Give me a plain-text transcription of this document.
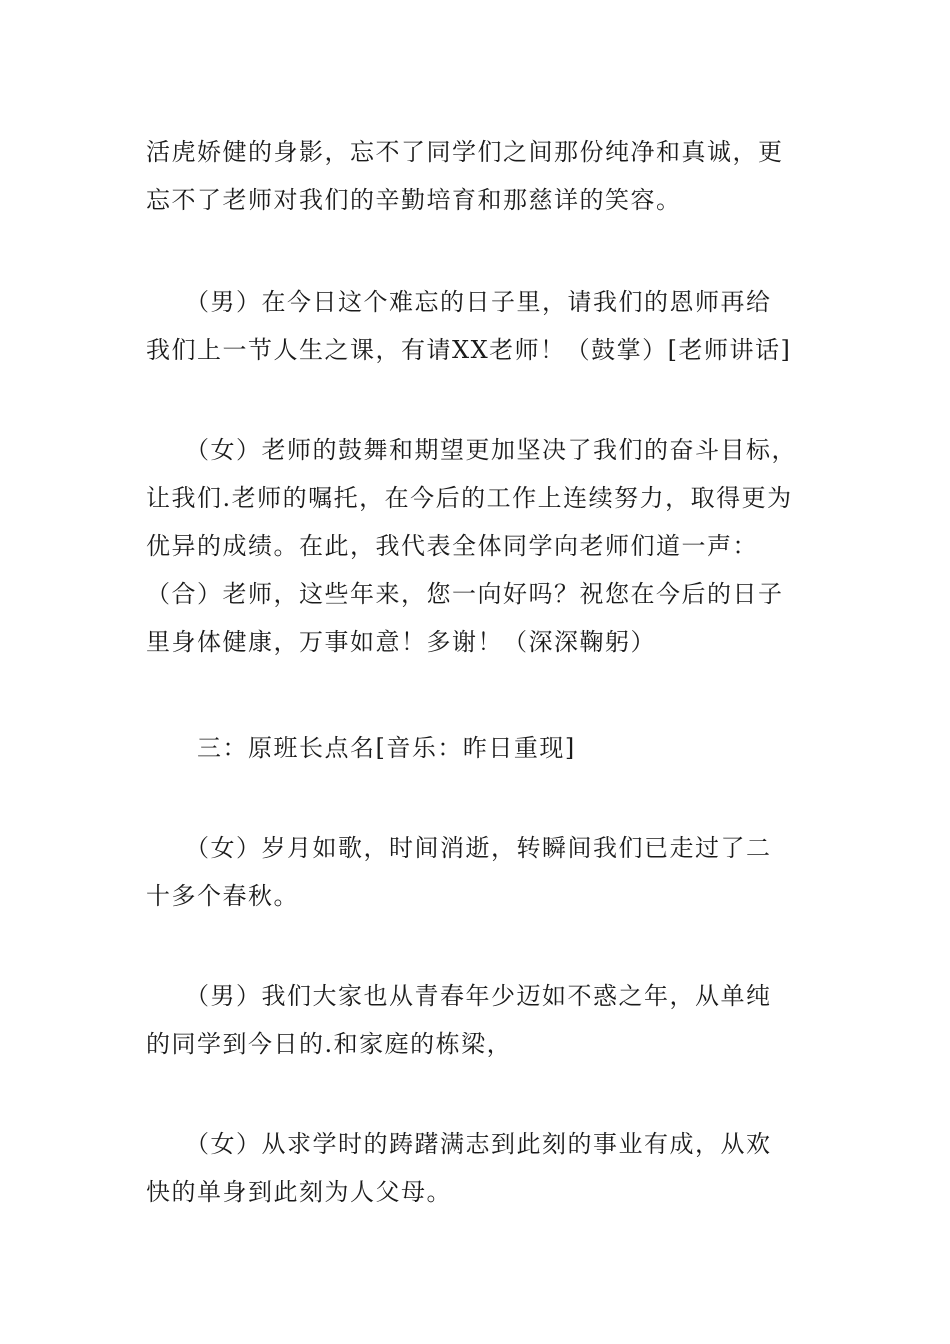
活虎娇健的身影，忘不了同学们之间那份纯净和真诚，更
忘不了老师对我们的辛勤培育和那慈详的笑容。
　　（男）在今日这个难忘的日子里，请我们的恩师再给
我们上一节人生之课，有请XX老师！（鼓掌）[老师讲话]
　　（女）老师的鼓舞和期望更加坚决了我们的奋斗目标，
让我们.老师的嘱托，在今后的工作上连续努力，取得更为
优异的成绩。在此，我代表全体同学向老师们道一声：
（合）老师，这些年来，您一向好吗？祝您在今后的日子
里身体健康，万事如意！多谢！（深深鞠躬）
　　三：原班长点名[音乐：昨日重现]
　　（女）岁月如歌，时间消逝，转瞬间我们已走过了二
十多个春秋。
　　（男）我们大家也从青春年少迈如不惑之年，从单纯
的同学到今日的.和家庭的栋梁，
　　（女）从求学时的踌躇满志到此刻的事业有成，从欢
快的单身到此刻为人父母。
